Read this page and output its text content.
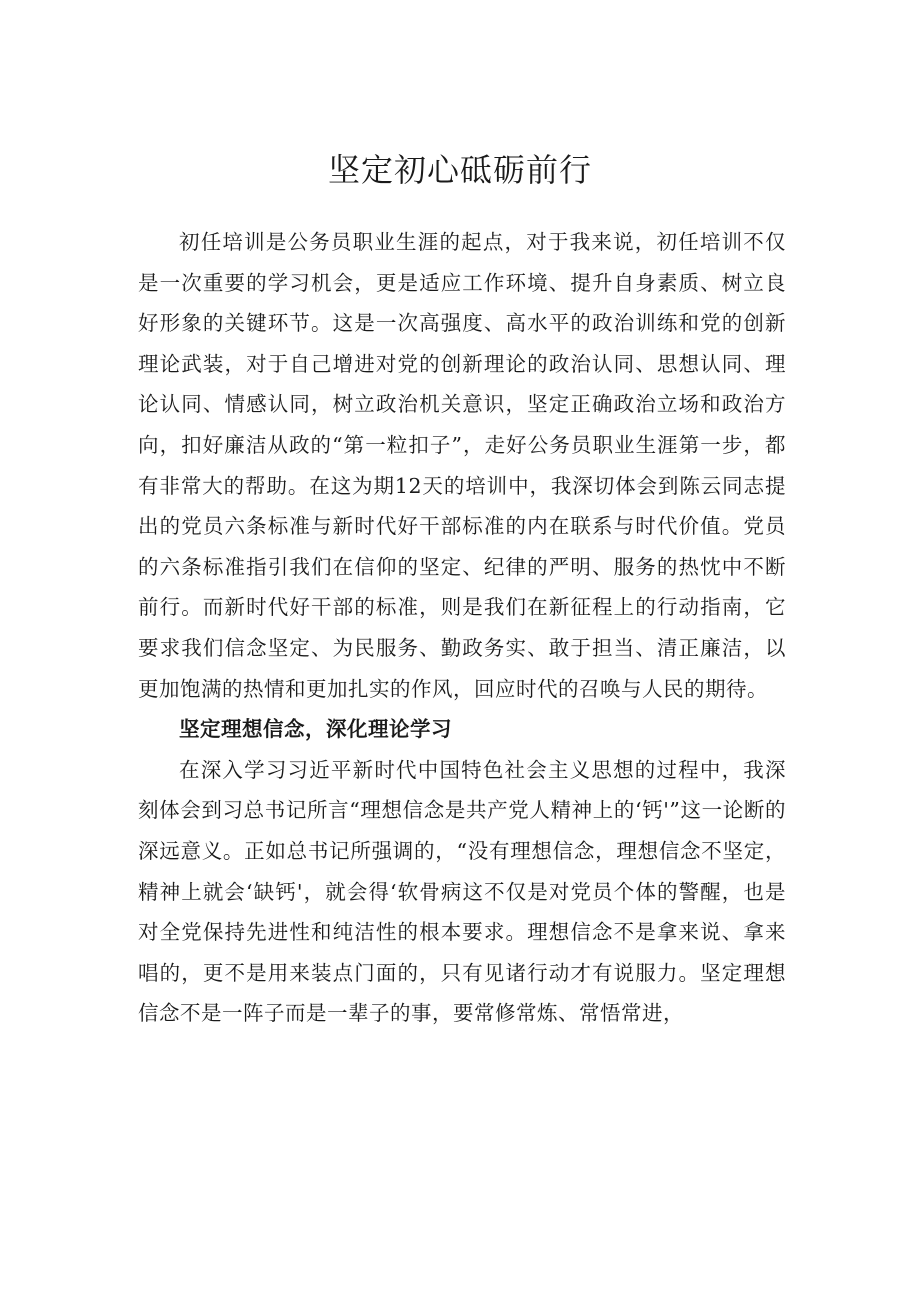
坚定初心砥砺前行

初任培训是公务员职业生涯的起点，对于我来说，初任培训不仅是一次重要的学习机会，更是适应工作环境、提升自身素质、树立良好形象的关键环节。这是一次高强度、高水平的政治训练和党的创新理论武装，对于自己增进对党的创新理论的政治认同、思想认同、理论认同、情感认同，树立政治机关意识，坚定正确政治立场和政治方向，扣好廉洁从政的“第一粒扣子”，走好公务员职业生涯第一步，都有非常大的帮助。在这为期12天的培训中，我深切体会到陈云同志提出的党员六条标准与新时代好干部标准的内在联系与时代价值。党员的六条标准指引我们在信仰的坚定、纪律的严明、服务的热忱中不断前行。而新时代好干部的标准，则是我们在新征程上的行动指南，它要求我们信念坚定、为民服务、勤政务实、敢于担当、清正廉洁，以更加饱满的热情和更加扎实的作风，回应时代的召唤与人民的期待。

坚定理想信念，深化理论学习

在深入学习习近平新时代中国特色社会主义思想的过程中，我深刻体会到习总书记所言“理想信念是共产党人精神上的‘钙'”这一论断的深远意义。正如总书记所强调的，“没有理想信念，理想信念不坚定，精神上就会‘缺钙'，就会得‘软骨病这不仅是对党员个体的警醒，也是对全党保持先进性和纯洁性的根本要求。理想信念不是拿来说、拿来唱的，更不是用来装点门面的，只有见诸行动才有说服力。坚定理想信念不是一阵子而是一辈子的事，要常修常炼、常悟常进，
